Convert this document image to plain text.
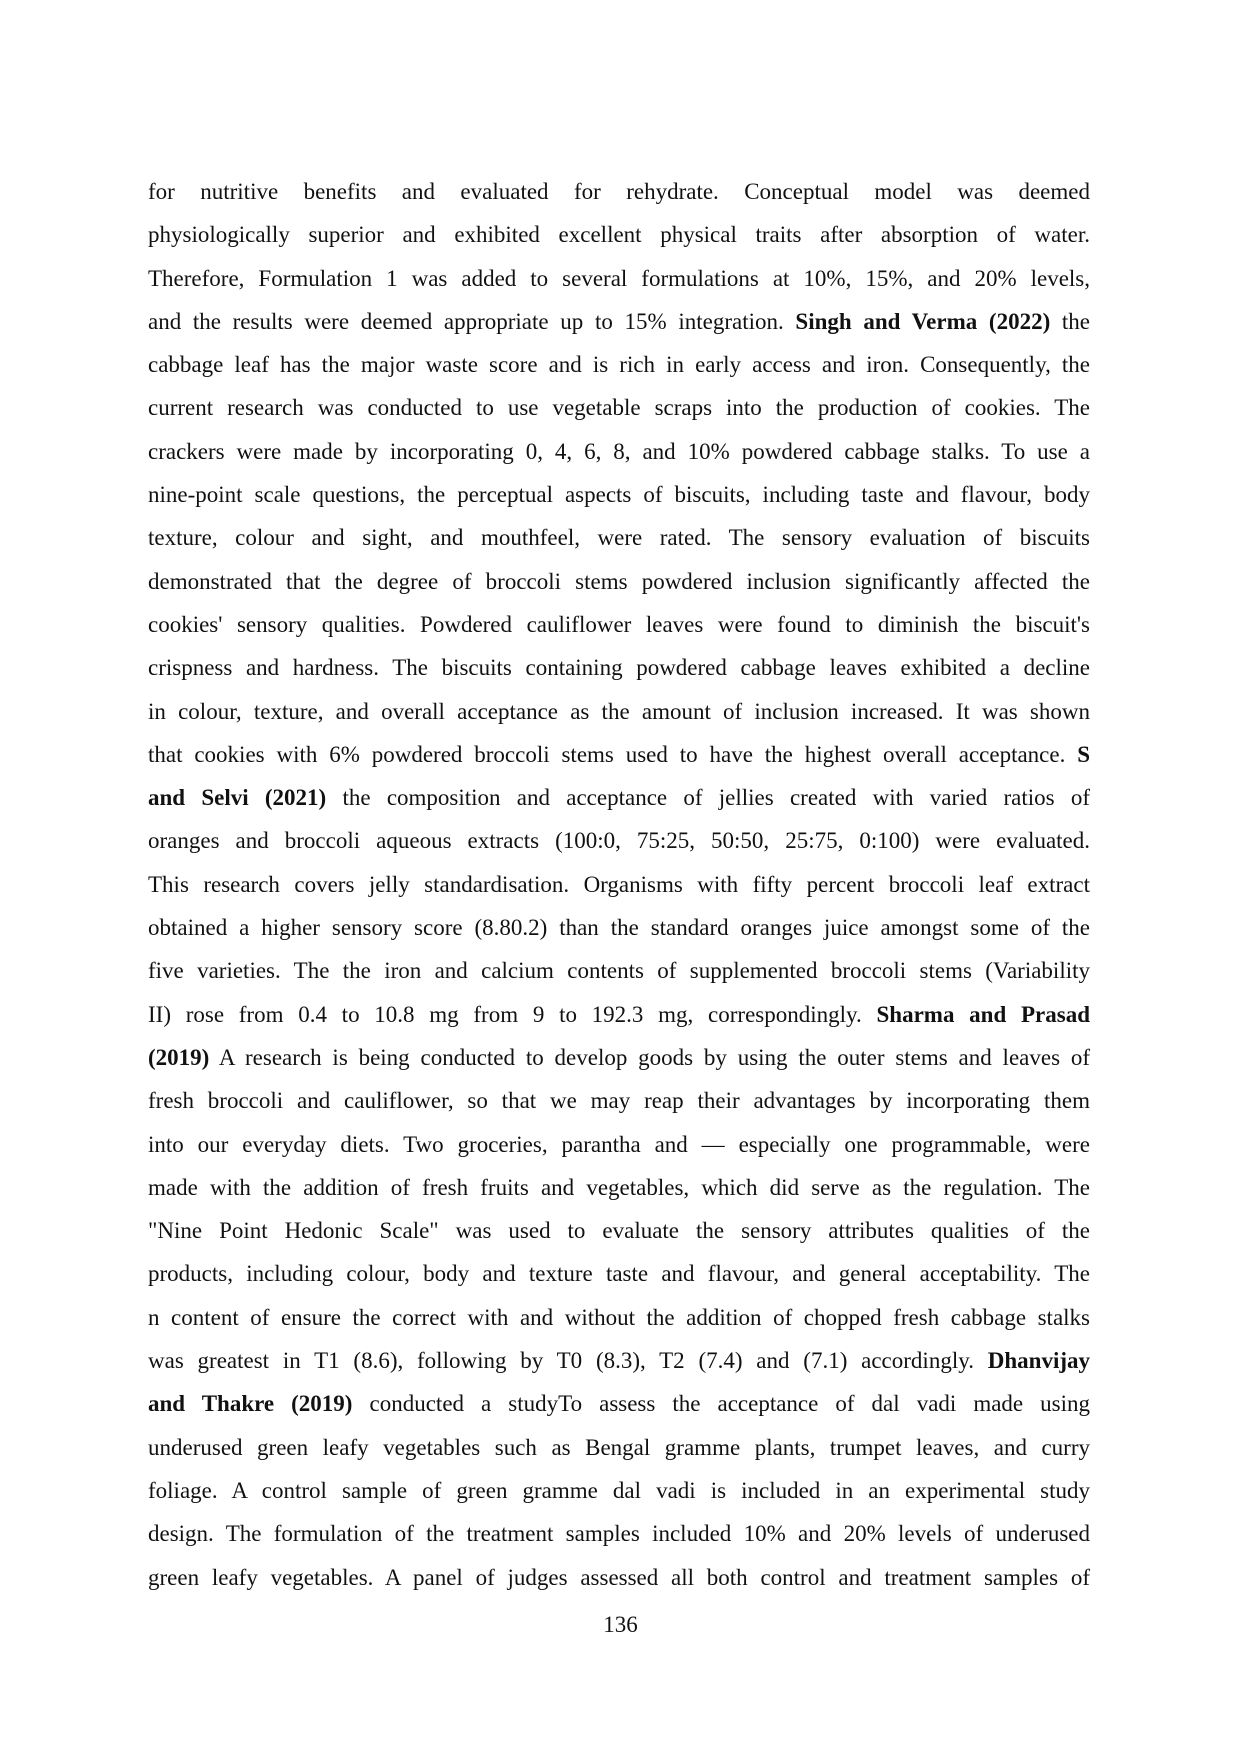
for nutritive benefits and evaluated for rehydrate. Conceptual model was deemed
physiologically superior and exhibited excellent physical traits after absorption of water.
Therefore, Formulation 1 was added to several formulations at 10%, 15%, and 20% levels,
and the results were deemed appropriate up to 15% integration. Singh and Verma (2022) the
cabbage leaf has the major waste score and is rich in early access and iron. Consequently, the
current research was conducted to use vegetable scraps into the production of cookies. The
crackers were made by incorporating 0, 4, 6, 8, and 10% powdered cabbage stalks. To use a
nine-point scale questions, the perceptual aspects of biscuits, including taste and flavour, body
texture, colour and sight, and mouthfeel, were rated. The sensory evaluation of biscuits
demonstrated that the degree of broccoli stems powdered inclusion significantly affected the
cookies' sensory qualities. Powdered cauliflower leaves were found to diminish the biscuit's
crispness and hardness. The biscuits containing powdered cabbage leaves exhibited a decline
in colour, texture, and overall acceptance as the amount of inclusion increased. It was shown
that cookies with 6% powdered broccoli stems used to have the highest overall acceptance. S
and Selvi (2021) the composition and acceptance of jellies created with varied ratios of
oranges and broccoli aqueous extracts (100:0, 75:25, 50:50, 25:75, 0:100) were evaluated.
This research covers jelly standardisation. Organisms with fifty percent broccoli leaf extract
obtained a higher sensory score (8.80.2) than the standard oranges juice amongst some of the
five varieties. The the iron and calcium contents of supplemented broccoli stems (Variability
II) rose from 0.4 to 10.8 mg from 9 to 192.3 mg, correspondingly. Sharma and Prasad
(2019) A research is being conducted to develop goods by using the outer stems and leaves of
fresh broccoli and cauliflower, so that we may reap their advantages by incorporating them
into our everyday diets. Two groceries, parantha and — especially one programmable, were
made with the addition of fresh fruits and vegetables, which did serve as the regulation. The
"Nine Point Hedonic Scale" was used to evaluate the sensory attributes qualities of the
products, including colour, body and texture taste and flavour, and general acceptability. The
n content of ensure the correct with and without the addition of chopped fresh cabbage stalks
was greatest in T1 (8.6), following by T0 (8.3), T2 (7.4) and (7.1) accordingly. Dhanvijay
and Thakre (2019) conducted a studyTo assess the acceptance of dal vadi made using
underused green leafy vegetables such as Bengal gramme plants, trumpet leaves, and curry
foliage. A control sample of green gramme dal vadi is included in an experimental study
design. The formulation of the treatment samples included 10% and 20% levels of underused
green leafy vegetables. A panel of judges assessed all both control and treatment samples of
136
